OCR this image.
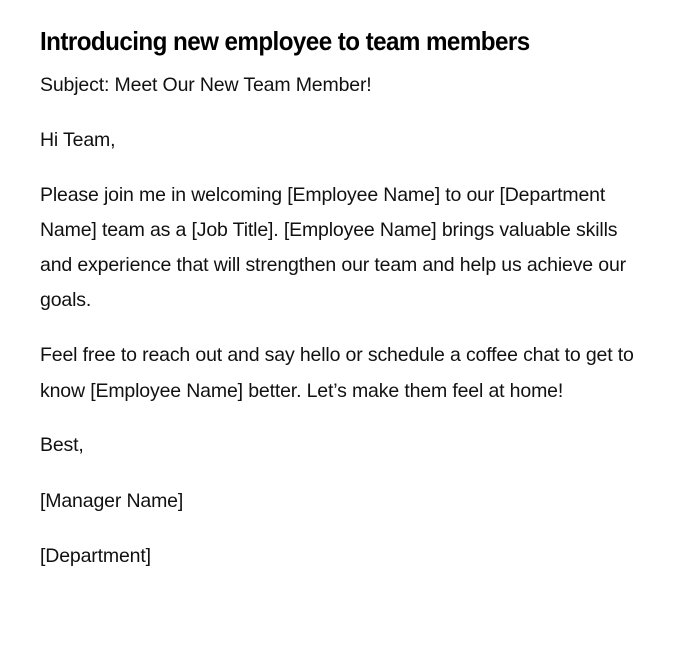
Introducing new employee to team members

Subject: Meet Our New Team Member!

Hi Team,

Please join me in welcoming [Employee Name] to our [Department Name] team as a [Job Title]. [Employee Name] brings valuable skills and experience that will strengthen our team and help us achieve our goals.

Feel free to reach out and say hello or schedule a coffee chat to get to know [Employee Name] better. Let’s make them feel at home!

Best,

[Manager Name]

[Department]
